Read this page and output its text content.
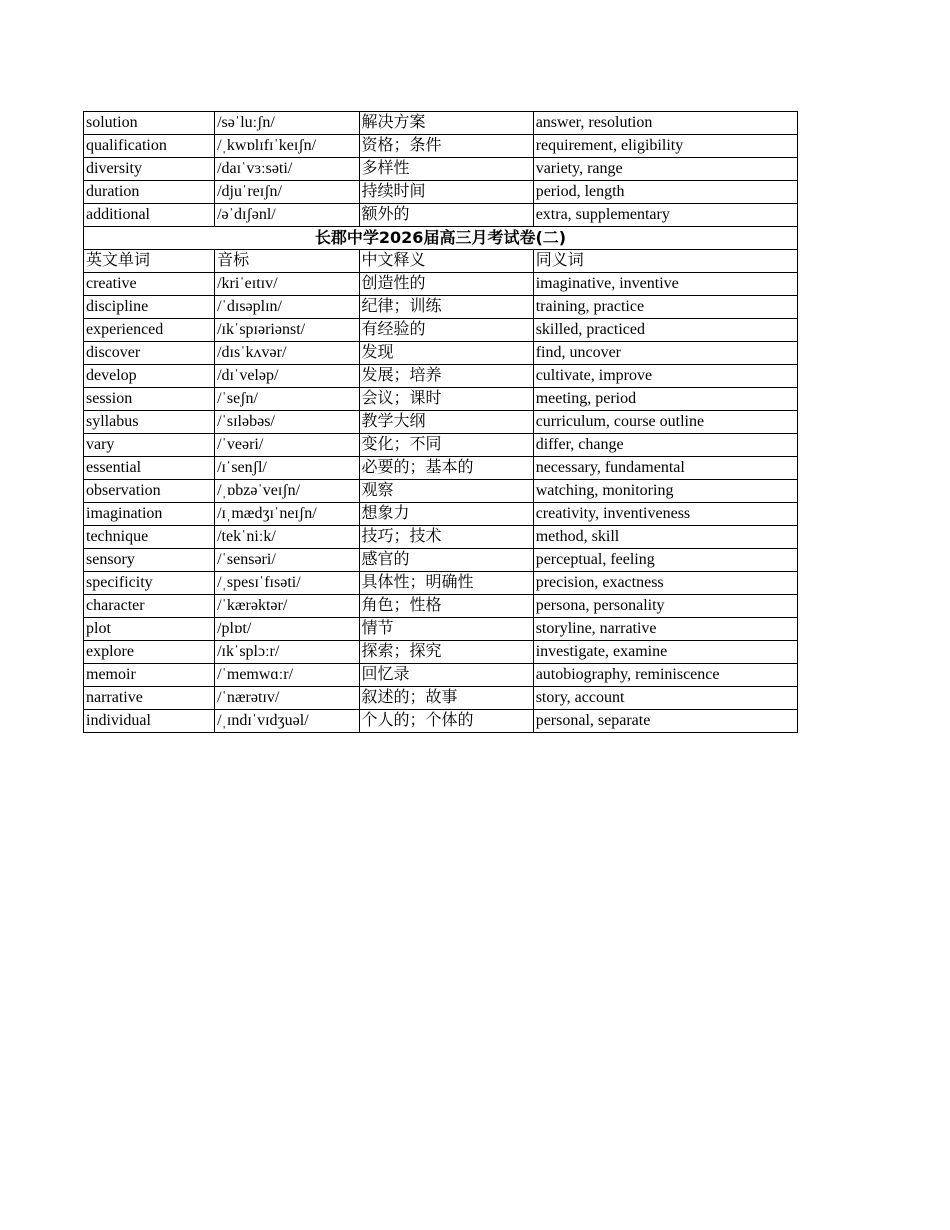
solution	/səˈluːʃn/	解决方案	answer, resolution
qualification	/ˌkwɒlɪfɪˈkeɪʃn/	资格；条件	requirement, eligibility
diversity	/daɪˈvɜːsəti/	多样性	variety, range
duration	/djuˈreɪʃn/	持续时间	period, length
additional	/əˈdɪʃənl/	额外的	extra, supplementary
长郡中学2026届高三月考试卷(二)			
英文单词	音标	中文释义	同义词
creative	/kriˈeɪtɪv/	创造性的	imaginative, inventive
discipline	/ˈdɪsəplɪn/	纪律；训练	training, practice
experienced	/ɪkˈspɪəriənst/	有经验的	skilled, practiced
discover	/dɪsˈkʌvər/	发现	find, uncover
develop	/dɪˈveləp/	发展；培养	cultivate, improve
session	/ˈseʃn/	会议；课时	meeting, period
syllabus	/ˈsɪləbəs/	教学大纲	curriculum, course outline
vary	/ˈveəri/	变化；不同	differ, change
essential	/ɪˈsenʃl/	必要的；基本的	necessary, fundamental
observation	/ˌɒbzəˈveɪʃn/	观察	watching, monitoring
imagination	/ɪˌmædʒɪˈneɪʃn/	想象力	creativity, inventiveness
technique	/tekˈniːk/	技巧；技术	method, skill
sensory	/ˈsensəri/	感官的	perceptual, feeling
specificity	/ˌspesɪˈfɪsəti/	具体性；明确性	precision, exactness
character	/ˈkærəktər/	角色；性格	persona, personality
plot	/plɒt/	情节	storyline, narrative
explore	/ɪkˈsplɔːr/	探索；探究	investigate, examine
memoir	/ˈmemwɑːr/	回忆录	autobiography, reminiscence
narrative	/ˈnærətɪv/	叙述的；故事	story, account
individual	/ˌɪndɪˈvɪdʒuəl/	个人的；个体的	personal, separate
